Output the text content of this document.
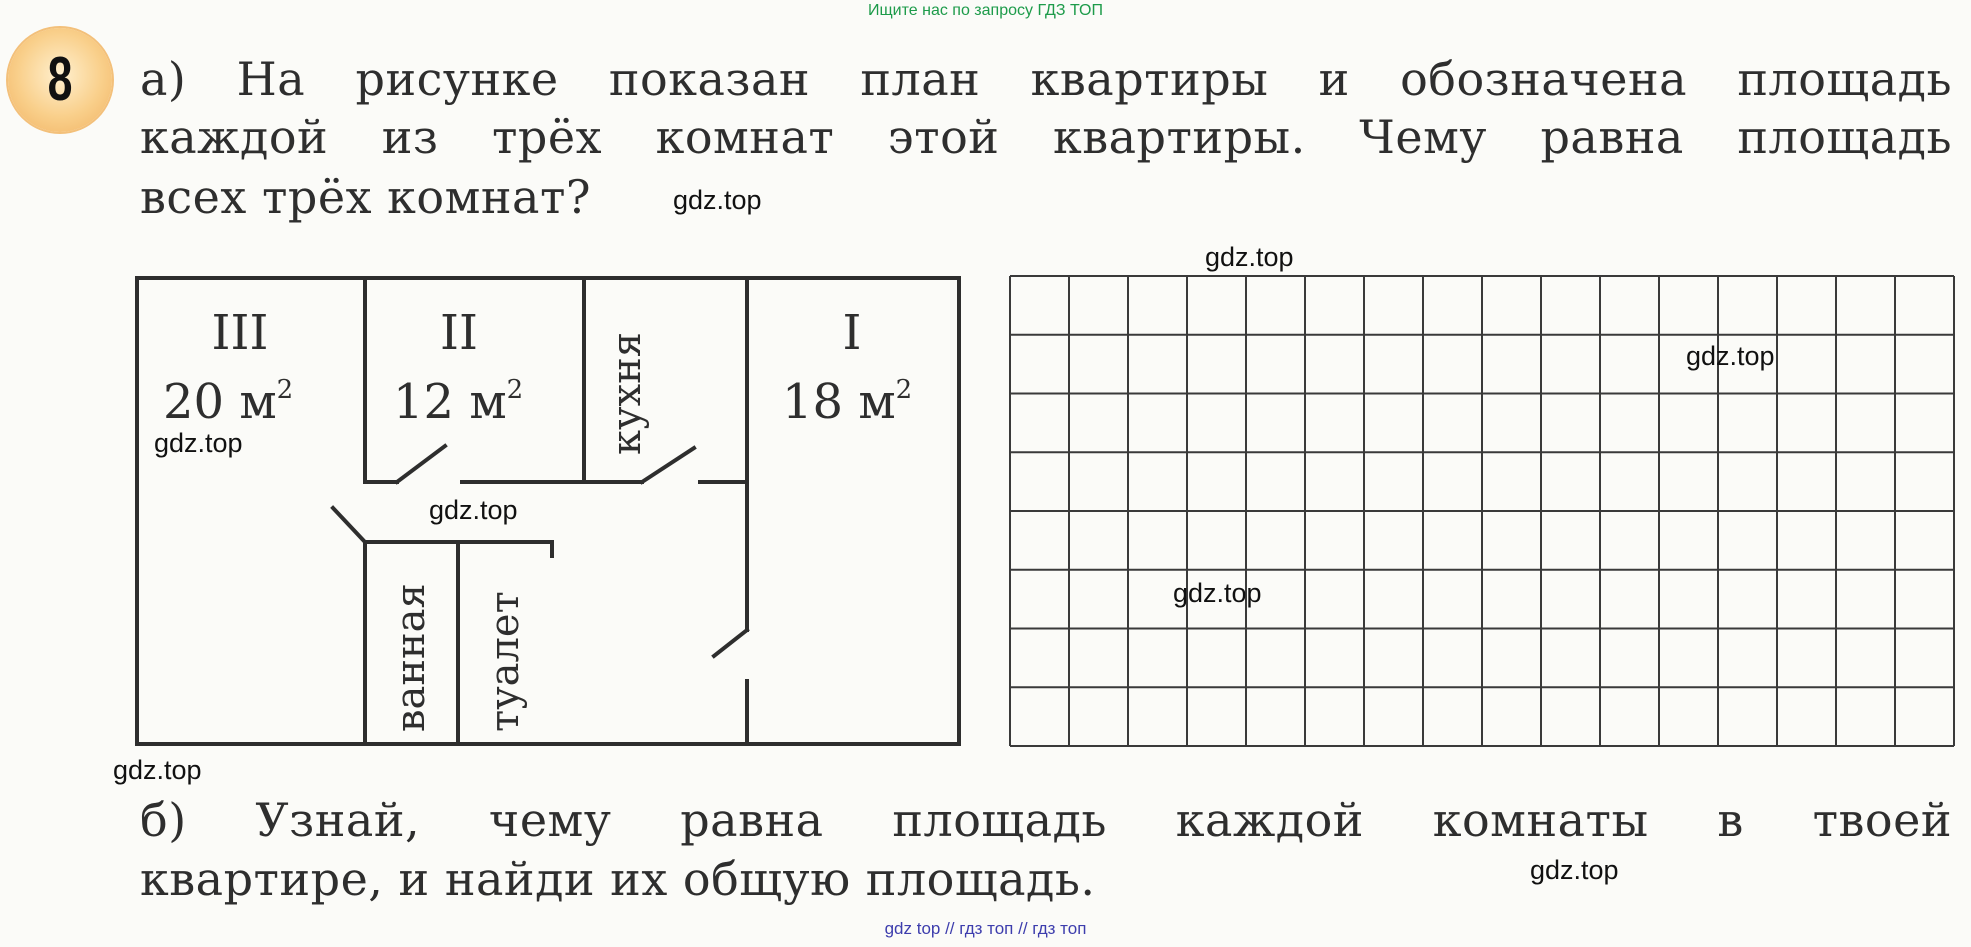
Ищите нас по запросу ГДЗ ТОП
8	а) На рисунке показан план квартиры и обозначена площадь
каждой из трёх комнат этой квартиры. Чему равна площадь
всех трёх комнат?
III
20 $м^2$
II
12 $м^2$
I
18 $м^2$
кухня
ванная туалет
б) Узнай, чему равна площадь каждой комнаты в твоей
квартире, и найди их общую площадь.
gdz.top
gdz.top
gdz.top
gdz.top
gdz.top
gdz.top
gdz.top
gdz.top
gdz top // гдз топ // гдз топ
